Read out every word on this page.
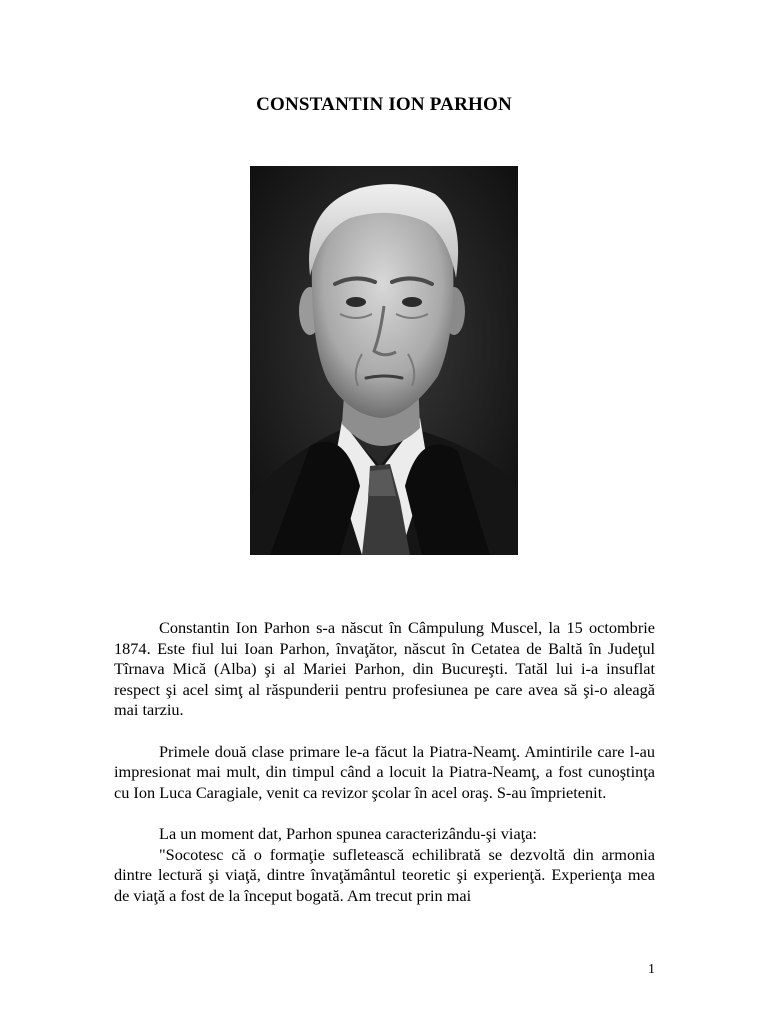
CONSTANTIN ION PARHON

Constantin Ion Parhon s-a născut în Câmpulung Muscel, la 15 octombrie 1874. Este fiul lui Ioan Parhon, învaţător, născut în Cetatea de Baltă în Judeţul Tîrnava Mică (Alba) şi al Mariei Parhon, din Bucureşti. Tatăl lui i-a insuflat respect şi acel simţ al răspunderii pentru profesiunea pe care avea să şi-o aleagă mai tarziu.

Primele două clase primare le-a făcut la Piatra-Neamţ. Amintirile care l-au impresionat mai mult, din timpul când a locuit la Piatra-Neamţ, a fost cunoştinţa cu Ion Luca Caragiale, venit ca revizor şcolar în acel oraş. S-au împrietenit.

La un moment dat, Parhon spunea caracterizându-şi viaţa:

"Socotesc că o formaţie sufletească echilibrată se dezvoltă din armonia dintre lectură şi viaţă, dintre învaţământul teoretic şi experienţă. Experienţa mea de viaţă a fost de la început bogată. Am trecut prin mai

1
